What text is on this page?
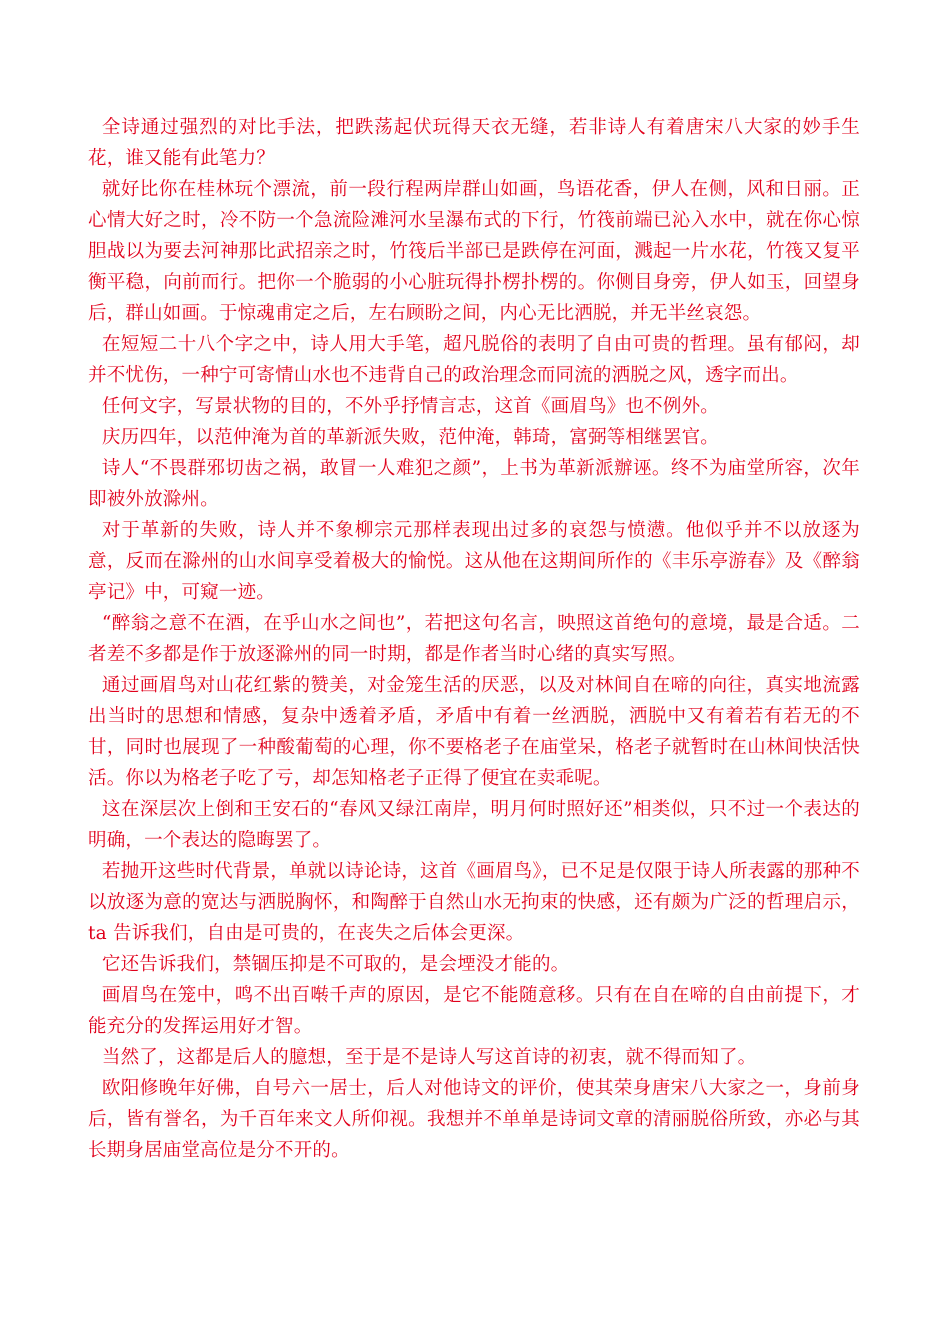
全诗通过强烈的对比手法，把跌荡起伏玩得天衣无缝，若非诗人有着唐宋八大家的妙手生花，谁又能有此笔力？

就好比你在桂林玩个漂流，前一段行程两岸群山如画，鸟语花香，伊人在侧，风和日丽。正心情大好之时，冷不防一个急流险滩河水呈瀑布式的下行，竹筏前端已沁入水中，就在你心惊胆战以为要去河神那比武招亲之时，竹筏后半部已是跌停在河面，溅起一片水花，竹筏又复平衡平稳，向前而行。把你一个脆弱的小心脏玩得扑楞扑楞的。你侧目身旁，伊人如玉，回望身后，群山如画。于惊魂甫定之后，左右顾盼之间，内心无比洒脱，并无半丝哀怨。

在短短二十八个字之中，诗人用大手笔，超凡脱俗的表明了自由可贵的哲理。虽有郁闷，却并不忧伤，一种宁可寄情山水也不违背自己的政治理念而同流的洒脱之风，透字而出。

任何文字，写景状物的目的，不外乎抒情言志，这首《画眉鸟》也不例外。

庆历四年，以范仲淹为首的革新派失败，范仲淹，韩琦，富弼等相继罢官。

诗人“不畏群邪切齿之祸，敢冒一人难犯之颜”，上书为革新派辦诬。终不为庙堂所容，次年即被外放滁州。

对于革新的失败，诗人并不象柳宗元那样表现出过多的哀怨与愤懑。他似乎并不以放逐为意，反而在滁州的山水间享受着极大的愉悦。这从他在这期间所作的《丰乐亭游春》及《醉翁亭记》中，可窥一迹。

“醉翁之意不在酒，在乎山水之间也”，若把这句名言，映照这首绝句的意境，最是合适。二者差不多都是作于放逐滁州的同一时期，都是作者当时心绪的真实写照。

通过画眉鸟对山花红紫的赞美，对金笼生活的厌恶，以及对林间自在啼的向往，真实地流露出当时的思想和情感，复杂中透着矛盾，矛盾中有着一丝洒脱，洒脱中又有着若有若无的不甘，同时也展现了一种酸葡萄的心理，你不要格老子在庙堂呆，格老子就暂时在山林间快活快活。你以为格老子吃了亏，却怎知格老子正得了便宜在卖乖呢。

这在深层次上倒和王安石的“春风又绿江南岸，明月何时照好还”相类似，只不过一个表达的明确，一个表达的隐晦罢了。

若抛开这些时代背景，单就以诗论诗，这首《画眉鸟》，已不足是仅限于诗人所表露的那种不以放逐为意的宽达与洒脱胸怀，和陶醉于自然山水无拘束的快感，还有颇为广泛的哲理启示，ta 告诉我们，自由是可贵的，在丧失之后体会更深。

它还告诉我们，禁锢压抑是不可取的，是会堙没才能的。

画眉鸟在笼中，鸣不出百啭千声的原因，是它不能随意移。只有在自在啼的自由前提下，才能充分的发挥运用好才智。

当然了，这都是后人的臆想，至于是不是诗人写这首诗的初衷，就不得而知了。

欧阳修晚年好佛，自号六一居士，后人对他诗文的评价，使其荣身唐宋八大家之一，身前身后，皆有誉名，为千百年来文人所仰视。我想并不单单是诗词文章的清丽脱俗所致，亦必与其长期身居庙堂高位是分不开的。
